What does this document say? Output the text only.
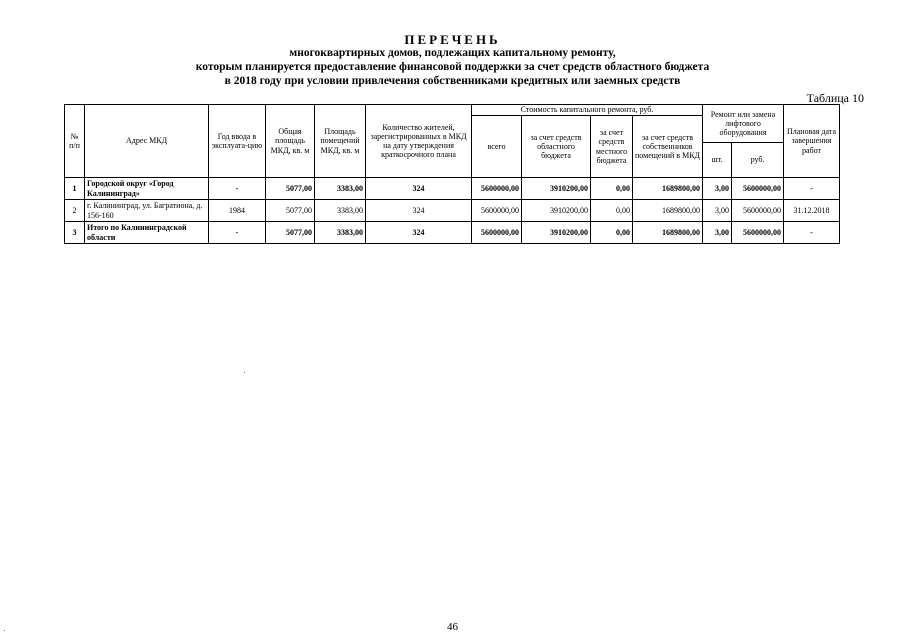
ПЕРЕЧЕНЬ
многоквартирных домов, подлежащих капитальному ремонту,
которым планируется предоставление финансовой поддержки за счет средств областного бюджета
в 2018 году при условии привлечения собственниками кредитных или заемных средств
Таблица 10
№ п/п	Адрес МКД	Год ввода в эксплуата-цию	Общая площадь МКД, кв. м	Площадь помещений МКД, кв. м	Количество жителей, зарегистрированных в МКД на дату утверждения краткосрочного плана	Стоимость капитального ремонта, руб.				Ремонт или замена лифтового оборудования		Плановая дата завершения работ
						всего	за счет средств областного бюджета	за счет средств местного бюджета	за счет средств собственников помещений в МКД			
										шт.	руб.	
1	Городской округ «Город Калининград»	-	5077,00	3383,00	324	5600000,00	3910200,00	0,00	1689800,00	3,00	5600000,00	-
2	г. Калининград, ул. Багратиона, д. 156-160	1984	5077,00	3383,00	324	5600000,00	3910200,00	0,00	1689800,00	3,00	5600000,00	31.12.2018
3	Итого по Калининградской области	-	5077,00	3383,00	324	5600000,00	3910200,00	0,00	1689800,00	3,00	5600000,00	-
46
